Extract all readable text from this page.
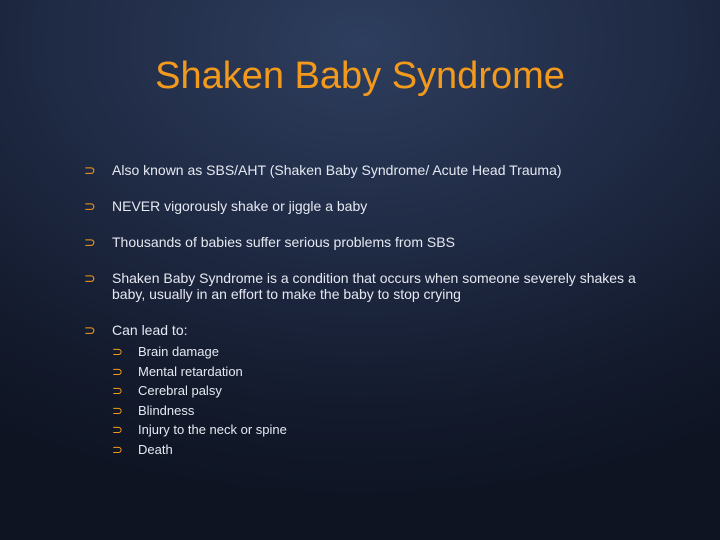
Shaken Baby Syndrome
⊃ Also known as SBS/AHT (Shaken Baby Syndrome/ Acute Head Trauma)
⊃ NEVER vigorously shake or jiggle a baby
⊃ Thousands of babies suffer serious problems from SBS
⊃ Shaken Baby Syndrome is a condition that occurs when someone severely shakes a baby, usually in an effort to make the baby to stop crying
⊃ Can lead to:
⊃ Brain damage
⊃ Mental retardation
⊃ Cerebral palsy
⊃ Blindness
⊃ Injury to the neck or spine
⊃ Death
